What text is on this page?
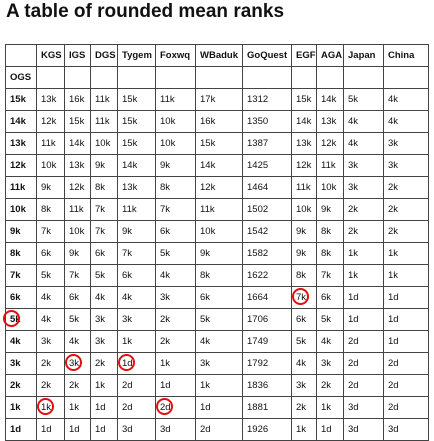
A table of rounded mean ranks
	KGS	IGS	DGS	Tygem	Foxwq	WBaduk	GoQuest	EGF	AGA	Japan	China
OGS											
15k	13k	16k	11k	15k	11k	17k	1312	15k	14k	5k	4k
14k	12k	15k	11k	15k	10k	16k	1350	14k	13k	4k	4k
13k	11k	14k	10k	15k	10k	15k	1387	13k	12k	4k	3k
12k	10k	13k	9k	14k	9k	14k	1425	12k	11k	3k	3k
11k	9k	12k	8k	13k	8k	12k	1464	11k	10k	3k	2k
10k	8k	11k	7k	11k	7k	11k	1502	10k	9k	2k	2k
9k	7k	10k	7k	9k	6k	10k	1542	9k	8k	2k	2k
8k	6k	9k	6k	7k	5k	9k	1582	9k	8k	1k	1k
7k	5k	7k	5k	6k	4k	8k	1622	8k	7k	1k	1k
6k	4k	6k	4k	4k	3k	6k	1664	7k	6k	1d	1d
5k	4k	5k	3k	3k	2k	5k	1706	6k	5k	1d	1d
4k	3k	4k	3k	1k	2k	4k	1749	5k	4k	2d	1d
3k	2k	3k	2k	1d	1k	3k	1792	4k	3k	2d	2d
2k	2k	2k	1k	2d	1d	1k	1836	3k	2k	2d	2d
1k	1k	1k	1d	2d	2d	1d	1881	2k	1k	3d	2d
1d	1d	1d	1d	3d	3d	2d	1926	1k	1d	3d	3d
